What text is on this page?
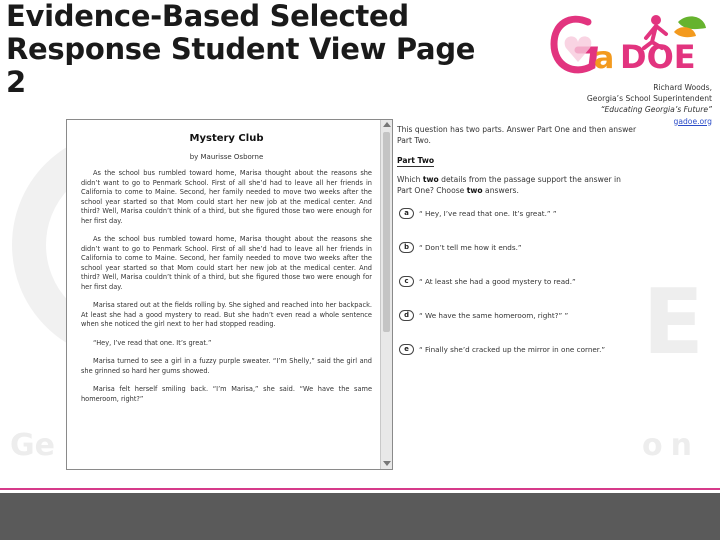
E
Ge	on
Evidence-Based Selected Response Student View Page 2
a DOE
Richard Woods,
Georgia’s School Superintendent
“Educating Georgia’s Future”
gadoe.org
Mystery Club
by Maurisse Osborne

As the school bus rumbled toward home, Marisa thought about the reasons she didn’t want to go to Penmark School. First of all she’d had to leave all her friends in California to come to Maine. Second, her family needed to move two weeks after the school year started so that Mom could start her new job at the medical center. And third? Well, Marisa couldn’t think of a third, but she figured those two were enough for her first day.

As the school bus rumbled toward home, Marisa thought about the reasons she didn’t want to go to Penmark School. First of all she’d had to leave all her friends in California to come to Maine. Second, her family needed to move two weeks after the school year started so that Mom could start her new job at the medical center. And third? Well, Marisa couldn’t think of a third, but she figured those two were enough for her first day.

Marisa stared out at the fields rolling by. She sighed and reached into her backpack. At least she had a good mystery to read. But she hadn’t even read a whole sentence when she noticed the girl next to her had stopped reading.

“Hey, I’ve read that one. It’s great.”

Marisa turned to see a girl in a fuzzy purple sweater. “I’m Shelly,” said the girl and she grinned so hard her gums showed.

Marisa felt herself smiling back. “I’m Marisa,” she said. “We have the same homeroom, right?”

This question has two parts. Answer Part One and then answer Part Two.
Part Two
Which two details from the passage support the answer in Part One? Choose two answers.
a	“ Hey, I’ve read that one. It’s great.” ”
b	“ Don’t tell me how it ends.”
c	“ At least she had a good mystery to read.”
d	“ We have the same homeroom, right?” ”
e	“ Finally she’d cracked up the mirror in one corner.”
